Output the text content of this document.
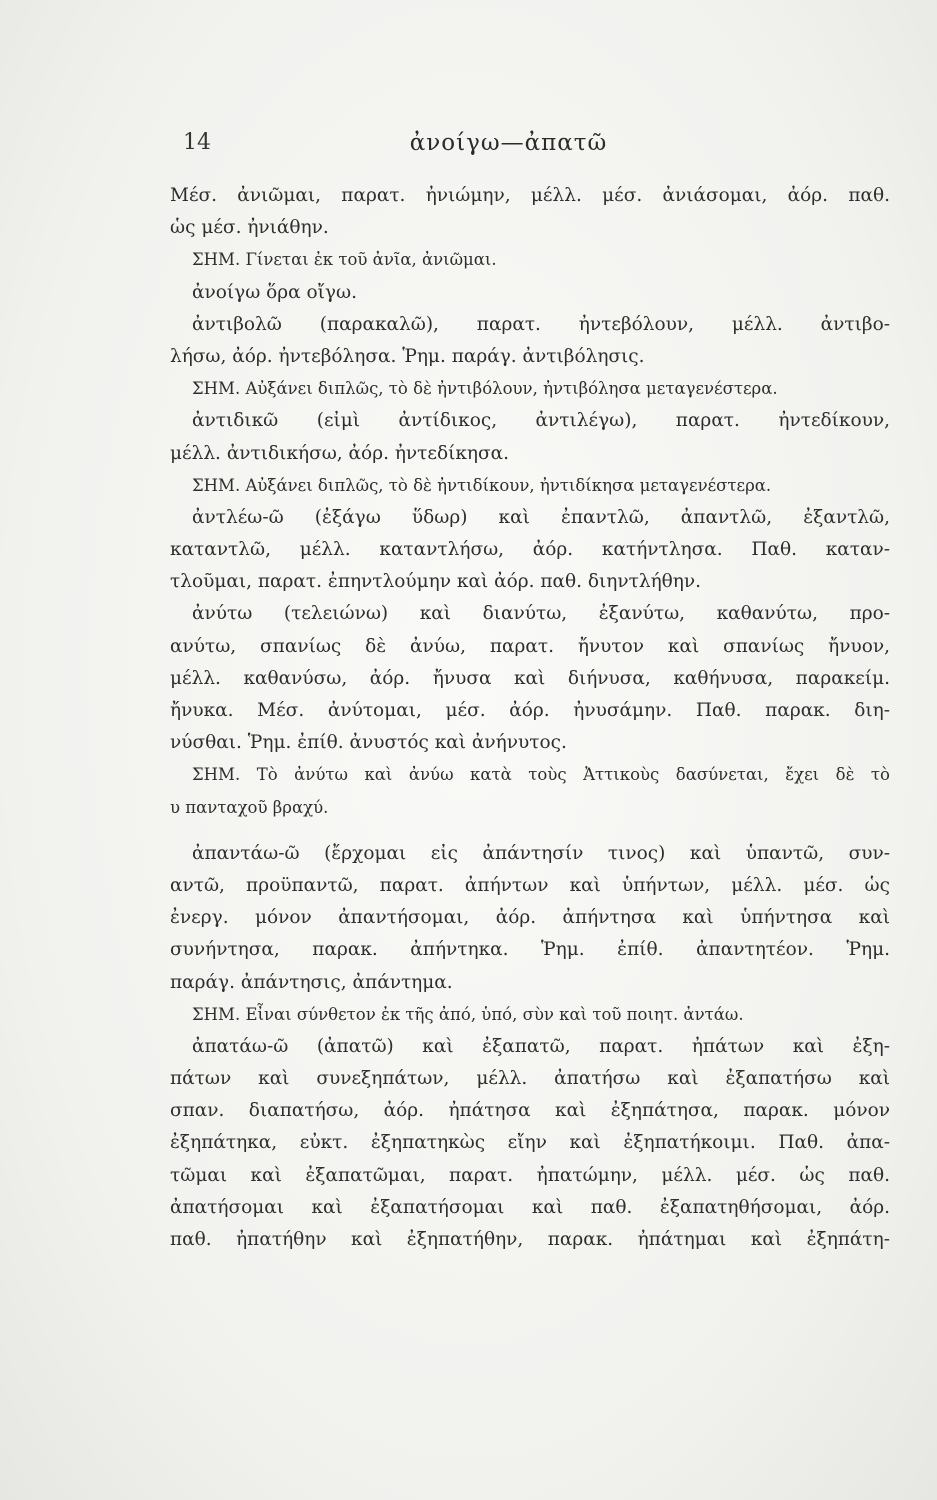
14	ἀνοίγω—ἀπατῶ
Μέσ. ἀνιῶμαι, παρατ. ἠνιώμην, μέλλ. μέσ. ἀνιάσομαι, ἀόρ. παθ.
ὡς μέσ. ἠνιάθην.
ΣΗΜ. Γίνεται ἐκ τοῦ ἀνῖα, ἀνιῶμαι.
ἀνοίγω ὅρα οἴγω.
ἀντιβολῶ (παρακαλῶ), παρατ. ἠντεβόλουν, μέλλ. ἀντιβο-
λήσω, ἀόρ. ἠντεβόλησα. Ῥημ. παράγ. ἀντιβόλησις.
ΣΗΜ. Αὐξάνει διπλῶς, τὸ δὲ ἠντιβόλουν, ἠντιβόλησα μεταγενέστερα.
ἀντιδικῶ (εἰμὶ ἀντίδικος, ἀντιλέγω), παρατ. ἠντεδίκουν,
μέλλ. ἀντιδικήσω, ἀόρ. ἠντεδίκησα.
ΣΗΜ. Αὐξάνει διπλῶς, τὸ δὲ ἠντιδίκουν, ἠντιδίκησα μεταγενέστερα.
ἀντλέω-ῶ (ἐξάγω ὕδωρ) καὶ ἐπαντλῶ, ἀπαντλῶ, ἐξαντλῶ,
καταντλῶ, μέλλ. καταντλήσω, ἀόρ. κατήντλησα. Παθ. καταν-
τλοῦμαι, παρατ. ἐπηντλούμην καὶ ἀόρ. παθ. διηντλήθην.
ἀνύτω (τελειώνω) καὶ διανύτω, ἐξανύτω, καθανύτω, προ-
ανύτω, σπανίως δὲ ἀνύω, παρατ. ἤνυτον καὶ σπανίως ἤνυον,
μέλλ. καθανύσω, ἀόρ. ἤνυσα καὶ διήνυσα, καθήνυσα, παρακείμ.
ἤνυκα. Μέσ. ἀνύτομαι, μέσ. ἀόρ. ἠνυσάμην. Παθ. παρακ. διη-
νύσθαι. Ῥημ. ἐπίθ. ἀνυστός καὶ ἀνήνυτος.
ΣΗΜ. Τὸ ἀνύτω καὶ ἀνύω κατὰ τοὺς Ἀττικοὺς δασύνεται, ἔχει δὲ τὸ
υ πανταχοῦ βραχύ.
ἀπαντάω-ῶ (ἔρχομαι εἰς ἀπάντησίν τινος) καὶ ὑπαντῶ, συν-
αντῶ, προϋπαντῶ, παρατ. ἀπήντων καὶ ὑπήντων, μέλλ. μέσ. ὡς
ἐνεργ. μόνον ἀπαντήσομαι, ἀόρ. ἀπήντησα καὶ ὑπήντησα καὶ
συνήντησα, παρακ. ἀπήντηκα. Ῥημ. ἐπίθ. ἀπαντητέον. Ῥημ.
παράγ. ἀπάντησις, ἀπάντημα.
ΣΗΜ. Εἶναι σύνθετον ἐκ τῆς ἀπό, ὑπό, σὺν καὶ τοῦ ποιητ. ἀντάω.
ἀπατάω-ῶ (ἀπατῶ) καὶ ἐξαπατῶ, παρατ. ἠπάτων καὶ ἐξη-
πάτων καὶ συνεξηπάτων, μέλλ. ἀπατήσω καὶ ἐξαπατήσω καὶ
σπαν. διαπατήσω, ἀόρ. ἠπάτησα καὶ ἐξηπάτησα, παρακ. μόνον
ἐξηπάτηκα, εὐκτ. ἐξηπατηκὼς εἴην καὶ ἐξηπατήκοιμι. Παθ. ἀπα-
τῶμαι καὶ ἐξαπατῶμαι, παρατ. ἠπατώμην, μέλλ. μέσ. ὡς παθ.
ἀπατήσομαι καὶ ἐξαπατήσομαι καὶ παθ. ἐξαπατηθήσομαι, ἀόρ.
παθ. ἠπατήθην καὶ ἐξηπατήθην, παρακ. ἠπάτημαι καὶ ἐξηπάτη-
